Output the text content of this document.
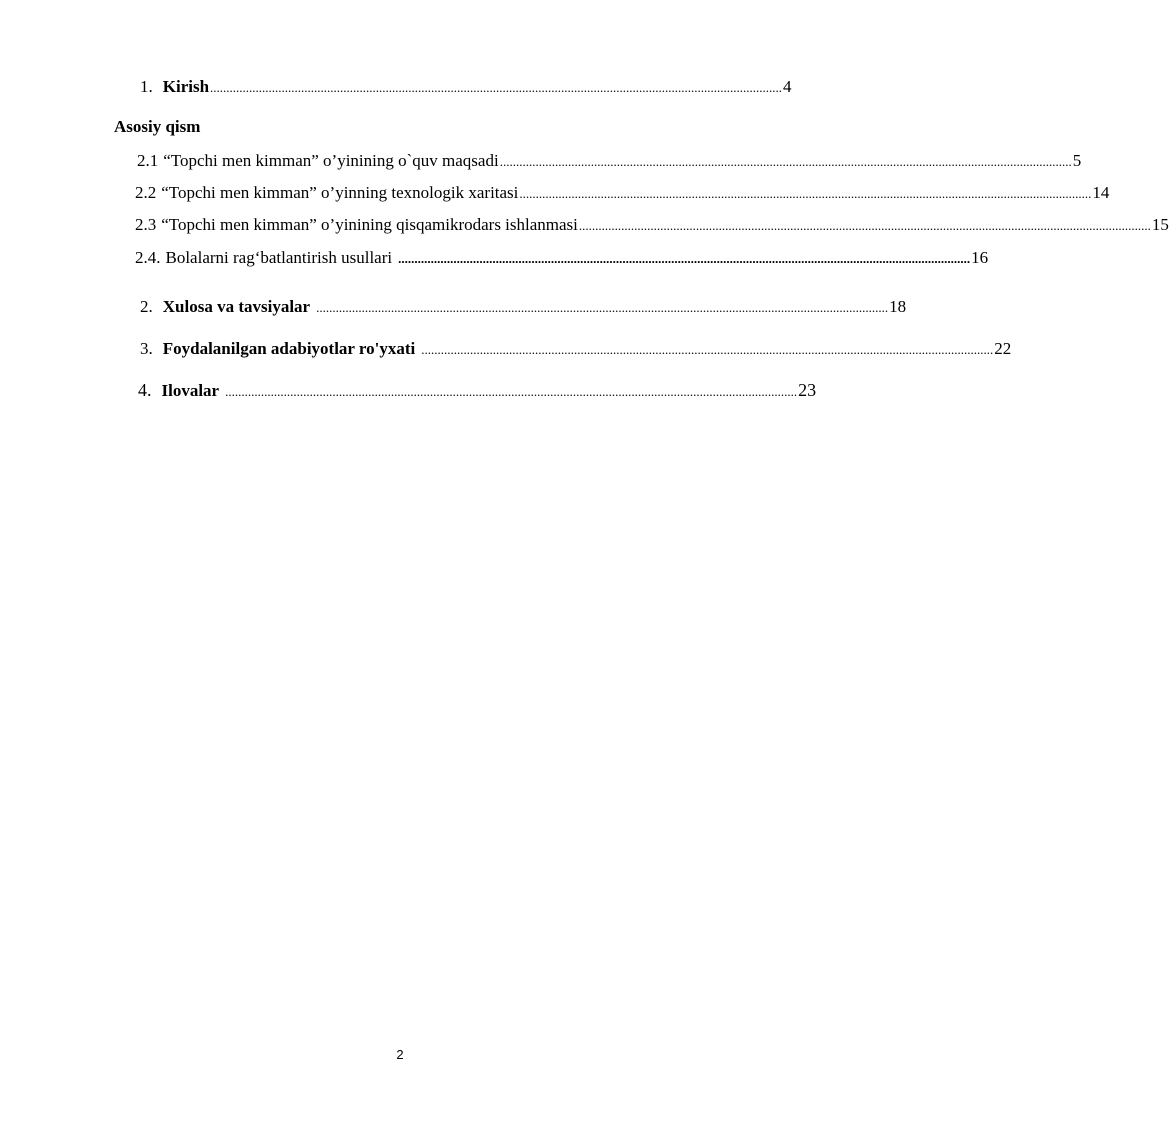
1. Kirish ................................................................................................................................................................................ 4
Asosiy qism
2.1 “Topchi men kimman” o’yinining o`quv maqsadi ................................................................................................................................................................................ 5
2.2 “Topchi men kimman” o’yinning texnologik xaritasi ................................................................................................................................................................................ 14
2.3 “Topchi men kimman” o’yinining qisqamikrodars ishlanmasi ................................................................................................................................................................................ 15
2.4. Bolalarni rag‘batlantirish usullari ................................................................................................................................................................................ 16
2. Xulosa va tavsiyalar ................................................................................................................................................................................ 18
3. Foydalanilgan adabiyotlar ro'yxati ................................................................................................................................................................................ 22
4. Ilovalar ................................................................................................................................................................................ 23
2
